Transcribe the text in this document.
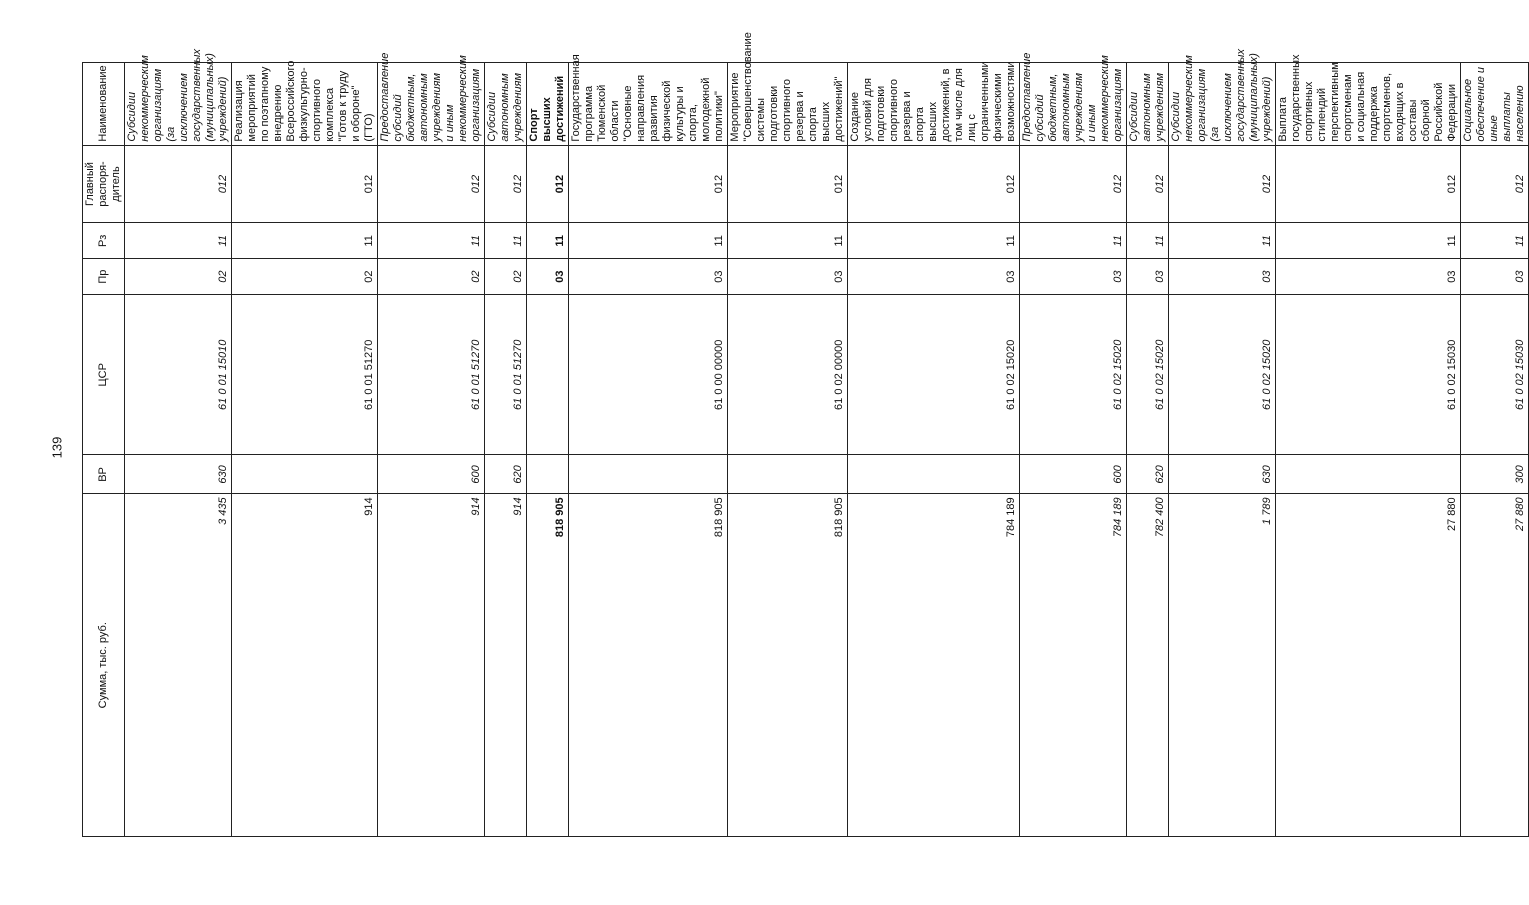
139
Сумма, тыс. руб.	ВР	ЦСР	Пр	Рз	Главный распоря-дитель	Наименование
3 435	630	61 0 01 15010	02	11	012	Субсидии некоммерческим организациям (за исключением государственных (муниципальных) учреждений)
914		61 0 01 51270	02	11	012	Реализация мероприятий по поэтапному внедрению Всероссийского физкультурно-спортивного комплекса "Готов к труду и обороне" (ГТО)
914	600	61 0 01 51270	02	11	012	Предоставление субсидий бюджетным, автономным учреждениям и иным некоммерческим организациям
914	620	61 0 01 51270	02	11	012	Субсидии автономным учреждениям
818 905			03	11	012	Спорт высших достижений
818 905		61 0 00 00000	03	11	012	Государственная программа Тюменской области "Основные направления развития физической культуры и спорта, молодежной политики"
818 905		61 0 02 00000	03	11	012	Мероприятие "Совершенствование системы подготовки спортивного резерва и спорта высших достижений"
784 189		61 0 02 15020	03	11	012	Создание условий для подготовки спортивного резерва и спорта высших достижений, в том числе для лиц с ограниченными физическими возможностями
784 189	600	61 0 02 15020	03	11	012	Предоставление субсидий бюджетным, автономным учреждениям и иным некоммерческим организациям
782 400	620	61 0 02 15020	03	11	012	Субсидии автономным учреждениям
1 789	630	61 0 02 15020	03	11	012	Субсидии некоммерческим организациям (за исключением государственных (муниципальных) учреждений)
27 880		61 0 02 15030	03	11	012	Выплата государственных спортивных стипендий перспективным спортсменам и социальная поддержка спортсменов, входящих в составы сборной Российской Федерации
27 880	300	61 0 02 15030	03	11	012	Социальное обеспечение и иные выплаты населению
